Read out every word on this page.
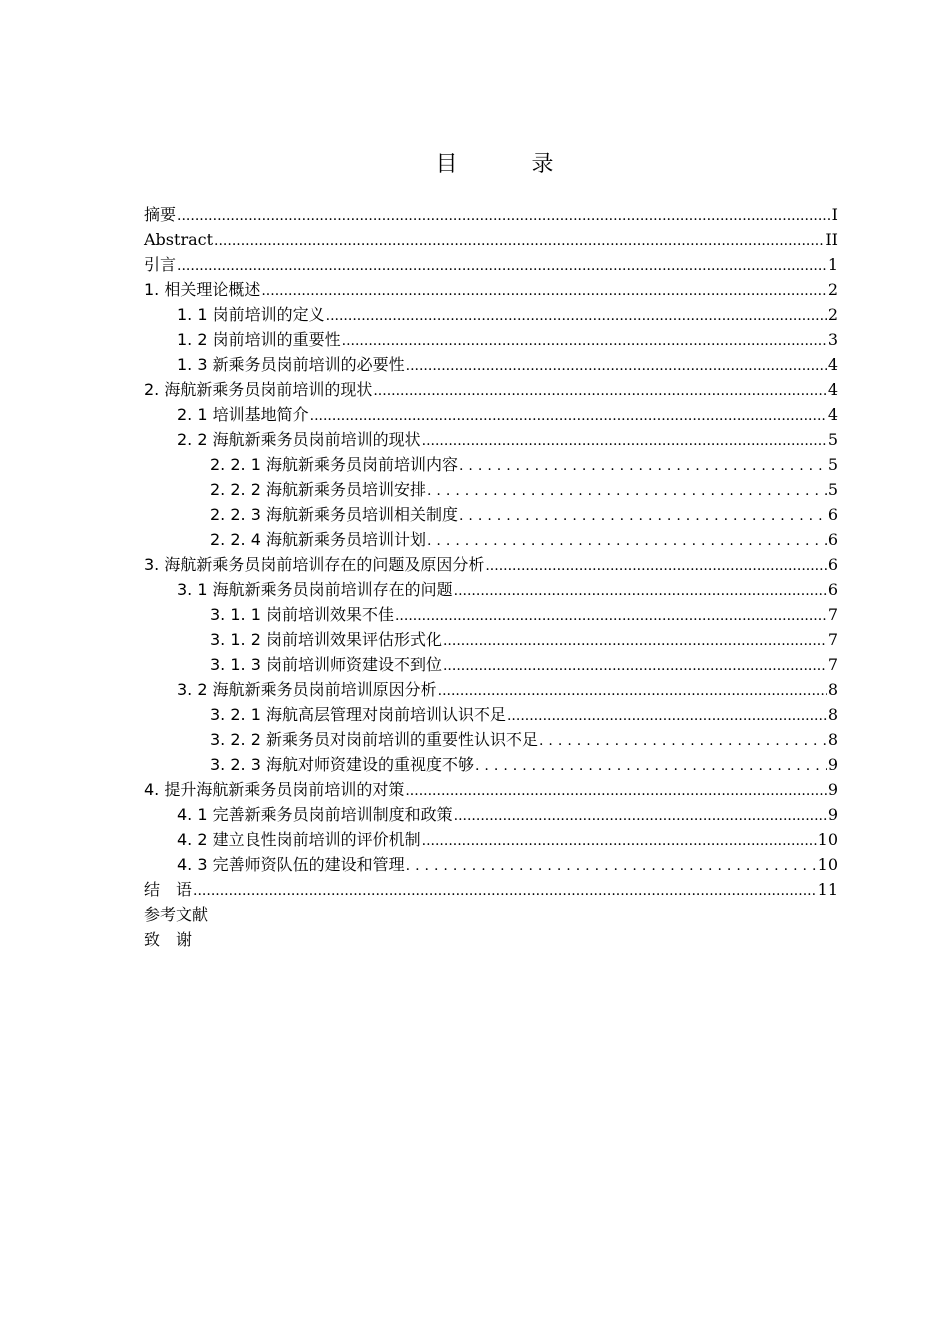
目　录
摘要 .....	I
Abstract .....	II
引言 .....	1
1. 相关理论概述 .....	2
1. 1 岗前培训的定义 .....	2
1. 2 岗前培训的重要性 .....	3
1. 3 新乘务员岗前培训的必要性 .....	4
2. 海航新乘务员岗前培训的现状 .....	4
2. 1 培训基地简介 .....	4
2. 2 海航新乘务员岗前培训的现状 .....	5
2. 2. 1 海航新乘务员岗前培训内容 .....	5
2. 2. 2 海航新乘务员培训安排 .....	5
2. 2. 3 海航新乘务员培训相关制度 .....	6
2. 2. 4 海航新乘务员培训计划 .....	6
3. 海航新乘务员岗前培训存在的问题及原因分析 .....	6
3. 1 海航新乘务员岗前培训存在的问题 .....	6
3. 1. 1 岗前培训效果不佳 .....	7
3. 1. 2 岗前培训效果评估形式化 .....	7
3. 1. 3 岗前培训师资建设不到位 .....	7
3. 2 海航新乘务员岗前培训原因分析 .....	8
3. 2. 1 海航高层管理对岗前培训认识不足 .....	8
3. 2. 2 新乘务员对岗前培训的重要性认识不足 .....	8
3. 2. 3 海航对师资建设的重视度不够 .....	9
4. 提升海航新乘务员岗前培训的对策 .....	9
4. 1 完善新乘务员岗前培训制度和政策 .....	9
4. 2 建立良性岗前培训的评价机制 .....	10
4. 3 完善师资队伍的建设和管理 .....	10
结　语 .....	11
参考文献
致　谢
